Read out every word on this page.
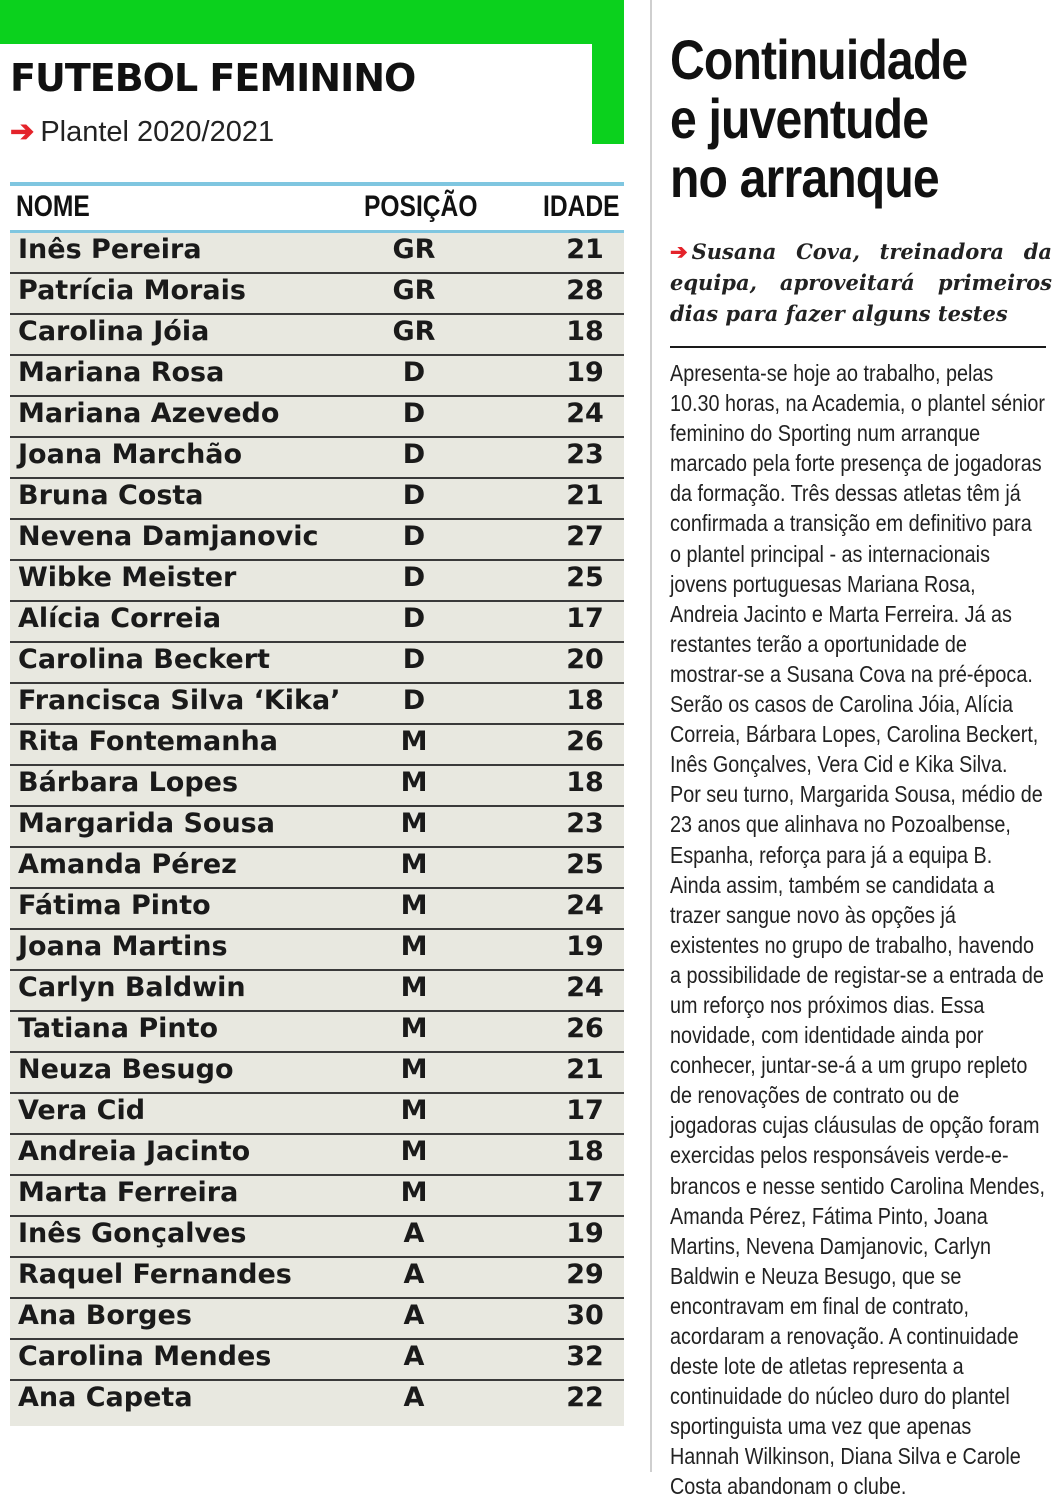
FUTEBOL FEMININO
➔ Plantel 2020/2021
NOME	POSIÇÃO IDADE
Inês Pereira	GR	21
Patrícia Morais	GR	28
Carolina Jóia	GR	18
Mariana Rosa	D	19
Mariana Azevedo	D	24
Joana Marchão	D	23
Bruna Costa	D	21
Nevena Damjanovic	D	27
Wibke Meister	D	25
Alícia Correia	D	17
Carolina Beckert	D	20
Francisca Silva ‘Kika’	D	18
Rita Fontemanha	M	26
Bárbara Lopes	M	18
Margarida Sousa	M	23
Amanda Pérez	M	25
Fátima Pinto	M	24
Joana Martins	M	19
Carlyn Baldwin	M	24
Tatiana Pinto	M	26
Neuza Besugo	M	21
Vera Cid	M	17
Andreia Jacinto	M	18
Marta Ferreira	M	17
Inês Gonçalves	A	19
Raquel Fernandes	A	29
Ana Borges	A	30
Carolina Mendes	A	32
Ana Capeta	A	22
Continuidade
e juventude
no arranque
➔ Susana Cova, treinadora da equipa, aproveitará primeiros dias para fazer alguns testes

Apresenta-se hoje ao trabalho, pelas 10.30 horas, na Academia, o plantel sénior feminino do Sporting num arranque marcado pela forte presença de jogadoras da formação. Três dessas atletas têm já confirmada a transição em definitivo para o plantel principal - as internacionais jovens portuguesas Mariana Rosa, Andreia Jacinto e Marta Ferreira. Já as restantes terão a oportunidade de mostrar-se a Susana Cova na pré-época. Serão os casos de Carolina Jóia, Alícia Correia, Bárbara Lopes, Carolina Beckert, Inês Gonçalves, Vera Cid e Kika Silva.

Por seu turno, Margarida Sousa, médio de 23 anos que alinhava no Pozoalbense, Espanha, reforça para já a equipa B.

Ainda assim, também se candidata a trazer sangue novo às opções já existentes no grupo de trabalho, havendo a possibilidade de registar-se a entrada de um reforço nos próximos dias. Essa novidade, com identidade ainda por conhecer, juntar-se-á a um grupo repleto de renovações de contrato ou de jogadoras cujas cláusulas de opção foram exercidas pelos responsáveis verde-e-brancos e nesse sentido Carolina Mendes, Amanda Pérez, Fátima Pinto, Joana Martins, Nevena Damjanovic, Carlyn Baldwin e Neuza Besugo, que se encontravam em final de contrato, acordaram a renovação. A continuidade deste lote de atletas representa a continuidade do núcleo duro do plantel sportinguista uma vez que apenas Hannah Wilkinson, Diana Silva e Carole Costa abandonam o clube.
